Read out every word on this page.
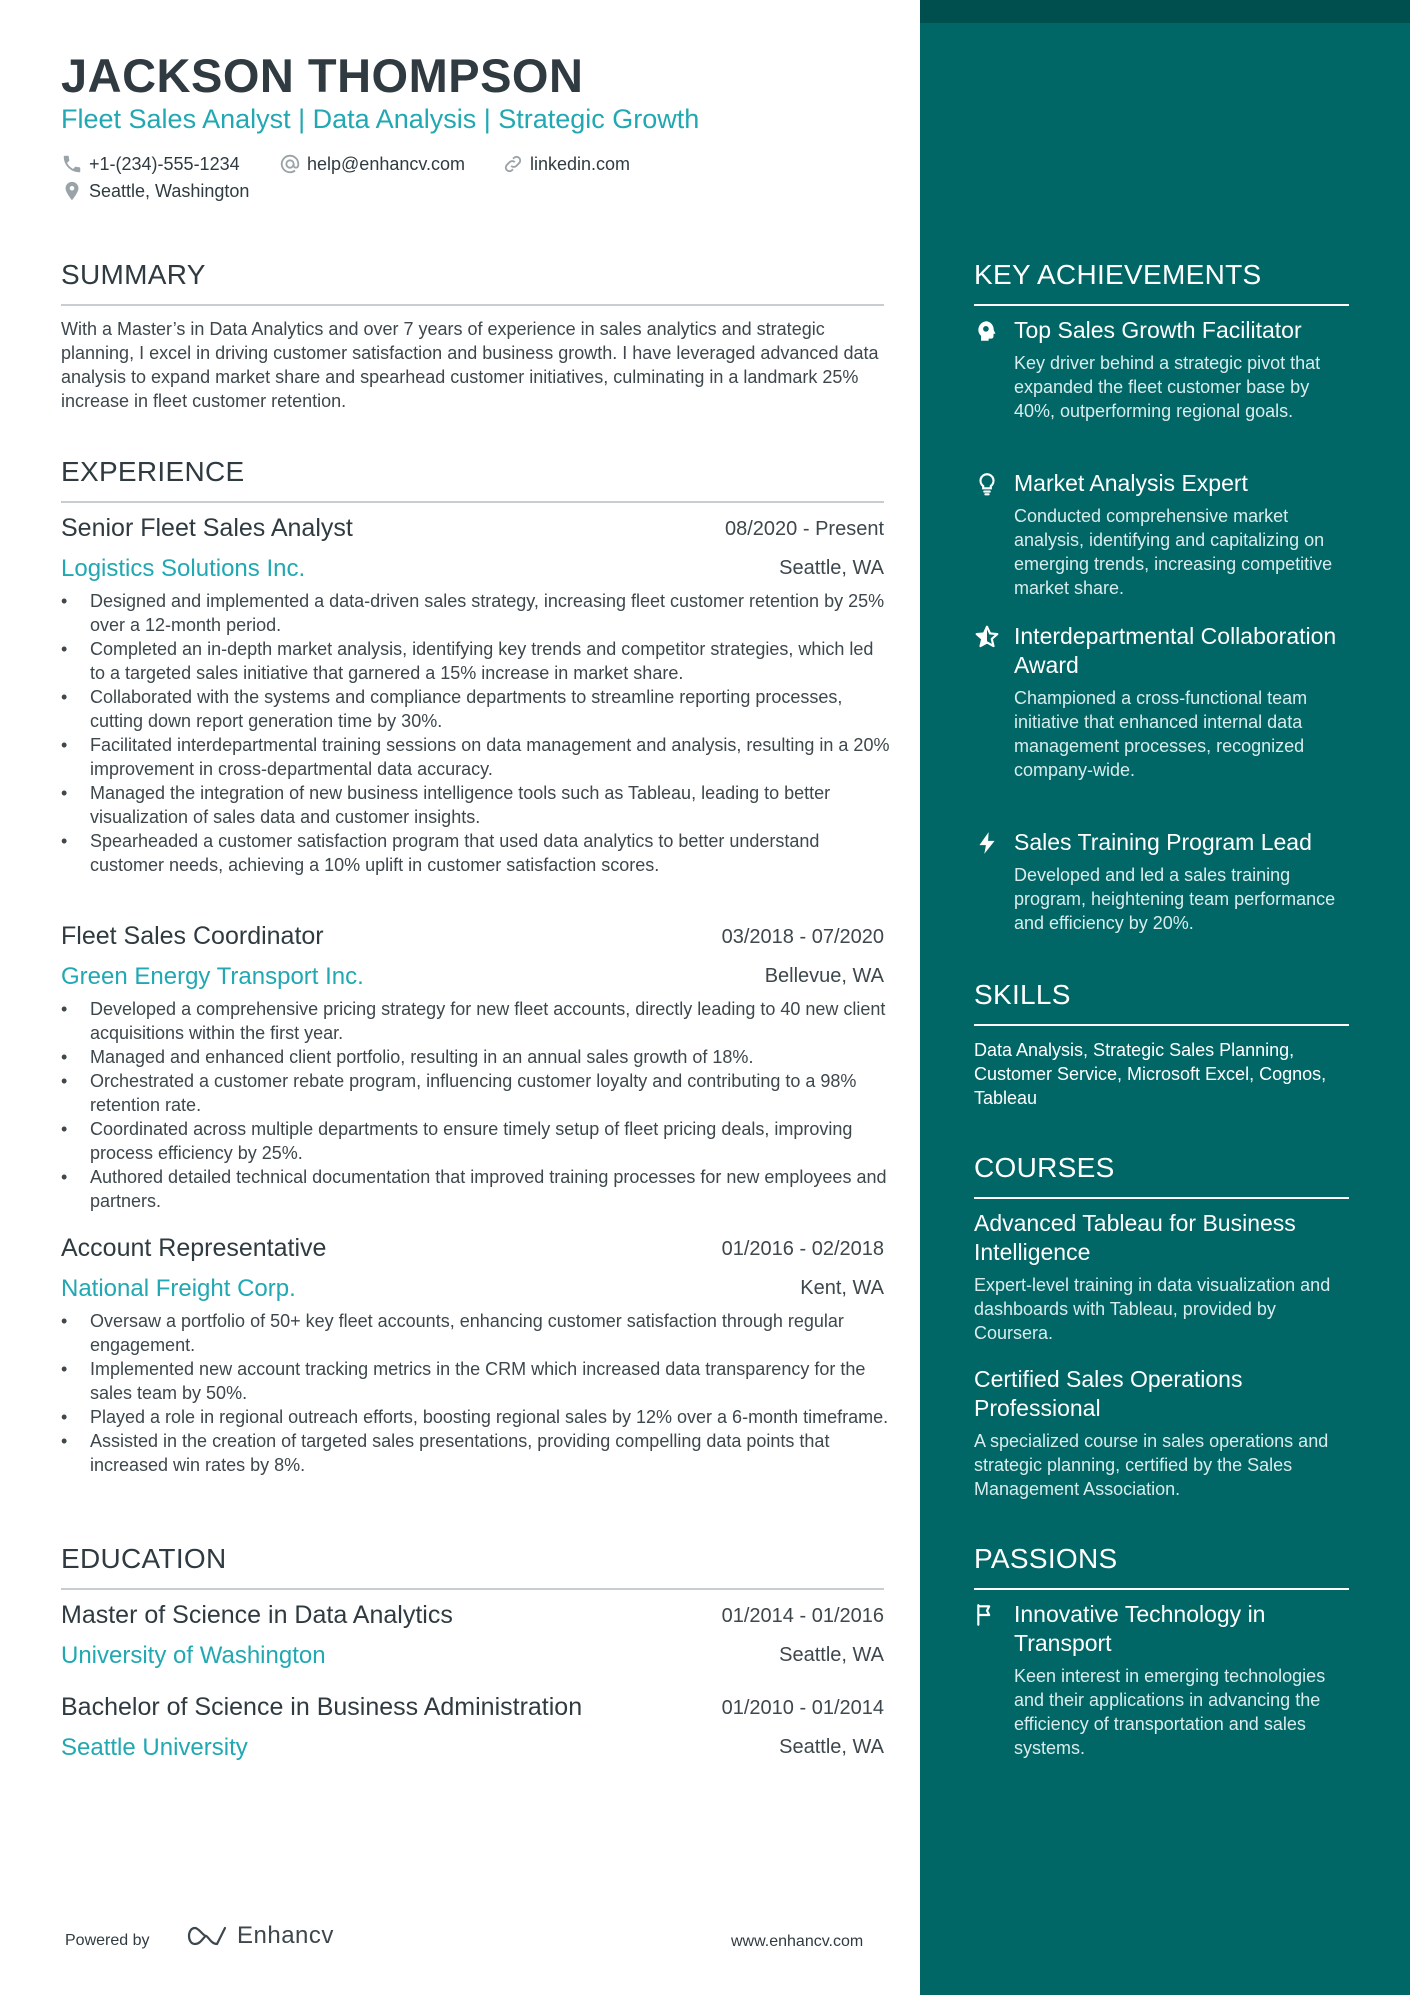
JACKSON THOMPSON
Fleet Sales Analyst | Data Analysis | Strategic Growth
+1-(234)-555-1234	help@enhancv.com	linkedin.com
Seattle, Washington
SUMMARY
With a Master’s in Data Analytics and over 7 years of experience in sales analytics and strategic planning, I excel in driving customer satisfaction and business growth. I have leveraged advanced data analysis to expand market share and spearhead customer initiatives, culminating in a landmark 25% increase in fleet customer retention.
EXPERIENCE
Senior Fleet Sales Analyst	08/2020 - Present
Logistics Solutions Inc.	Seattle, WA
• Designed and implemented a data-driven sales strategy, increasing fleet customer retention by 25% over a 12-month period.
• Completed an in-depth market analysis, identifying key trends and competitor strategies, which led to a targeted sales initiative that garnered a 15% increase in market share.
• Collaborated with the systems and compliance departments to streamline reporting processes, cutting down report generation time by 30%.
• Facilitated interdepartmental training sessions on data management and analysis, resulting in a 20% improvement in cross-departmental data accuracy.
• Managed the integration of new business intelligence tools such as Tableau, leading to better visualization of sales data and customer insights.
• Spearheaded a customer satisfaction program that used data analytics to better understand customer needs, achieving a 10% uplift in customer satisfaction scores.
Fleet Sales Coordinator	03/2018 - 07/2020
Green Energy Transport Inc.	Bellevue, WA
• Developed a comprehensive pricing strategy for new fleet accounts, directly leading to 40 new client acquisitions within the first year.
• Managed and enhanced client portfolio, resulting in an annual sales growth of 18%.
• Orchestrated a customer rebate program, influencing customer loyalty and contributing to a 98% retention rate.
• Coordinated across multiple departments to ensure timely setup of fleet pricing deals, improving process efficiency by 25%.
• Authored detailed technical documentation that improved training processes for new employees and partners.
Account Representative	01/2016 - 02/2018
National Freight Corp.	Kent, WA
• Oversaw a portfolio of 50+ key fleet accounts, enhancing customer satisfaction through regular engagement.
• Implemented new account tracking metrics in the CRM which increased data transparency for the sales team by 50%.
• Played a role in regional outreach efforts, boosting regional sales by 12% over a 6-month timeframe.
• Assisted in the creation of targeted sales presentations, providing compelling data points that increased win rates by 8%.
EDUCATION
Master of Science in Data Analytics	01/2014 - 01/2016
University of Washington	Seattle, WA
Bachelor of Science in Business Administration	01/2010 - 01/2014
Seattle University	Seattle, WA
Powered by	Enhancv	www.enhancv.com
KEY ACHIEVEMENTS
Top Sales Growth Facilitator
Key driver behind a strategic pivot that expanded the fleet customer base by 40%, outperforming regional goals.
Market Analysis Expert
Conducted comprehensive market analysis, identifying and capitalizing on emerging trends, increasing competitive market share.
Interdepartmental Collaboration Award
Championed a cross-functional team initiative that enhanced internal data management processes, recognized company-wide.
Sales Training Program Lead
Developed and led a sales training program, heightening team performance and efficiency by 20%.
SKILLS
Data Analysis, Strategic Sales Planning, Customer Service, Microsoft Excel, Cognos, Tableau
COURSES
Advanced Tableau for Business Intelligence
Expert-level training in data visualization and dashboards with Tableau, provided by Coursera.
Certified Sales Operations Professional
A specialized course in sales operations and strategic planning, certified by the Sales Management Association.
PASSIONS
Innovative Technology in Transport
Keen interest in emerging technologies and their applications in advancing the efficiency of transportation and sales systems.
